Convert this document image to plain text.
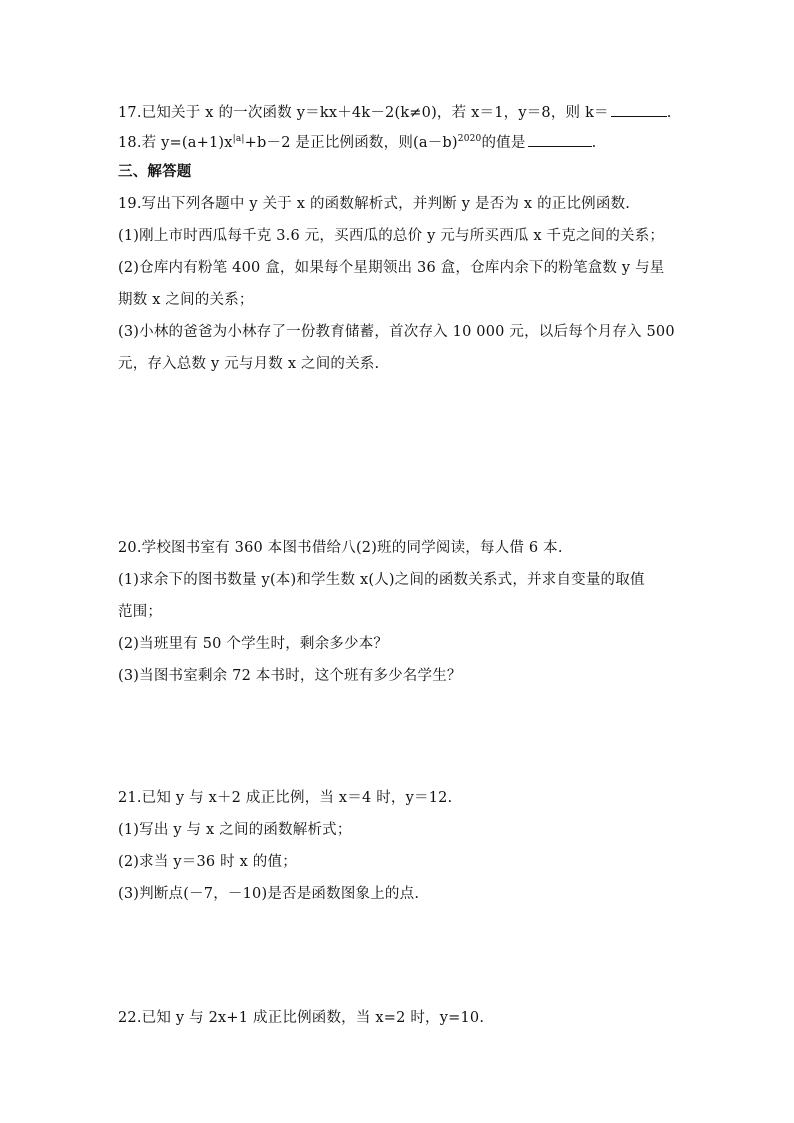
17.已知关于 x 的一次函数 y＝kx＋4k－2(k≠0)，若 x＝1，y＝8，则 k＝	.
18.若 $y=(a+1)x^{|a|}+b-2$ 是正比例函数，则$(a-b)^{2020}$的值是	.
三、解答题
19.写出下列各题中 y 关于 x 的函数解析式，并判断 y 是否为 x 的正比例函数.
(1)刚上市时西瓜每千克 3.6 元，买西瓜的总价 y 元与所买西瓜 x 千克之间的关系；
(2)仓库内有粉笔 400 盒，如果每个星期领出 36 盒，仓库内余下的粉笔盒数 y 与星
期数 x 之间的关系；
(3)小林的爸爸为小林存了一份教育储蓄，首次存入 10 000 元，以后每个月存入 500
元，存入总数 y 元与月数 x 之间的关系.
20.学校图书室有 360 本图书借给八(2)班的同学阅读，每人借 6 本.
(1)求余下的图书数量 y(本)和学生数 x(人)之间的函数关系式，并求自变量的取值
范围；
(2)当班里有 50 个学生时，剩余多少本？
(3)当图书室剩余 72 本书时，这个班有多少名学生？
21.已知 y 与 x＋2 成正比例，当 x＝4 时，y＝12.
(1)写出 y 与 x 之间的函数解析式；
(2)求当 y＝36 时 x 的值；
(3)判断点(－7，－10)是否是函数图象上的点.
22.已知 y 与 2x+1 成正比例函数，当 x=2 时，y=10.
